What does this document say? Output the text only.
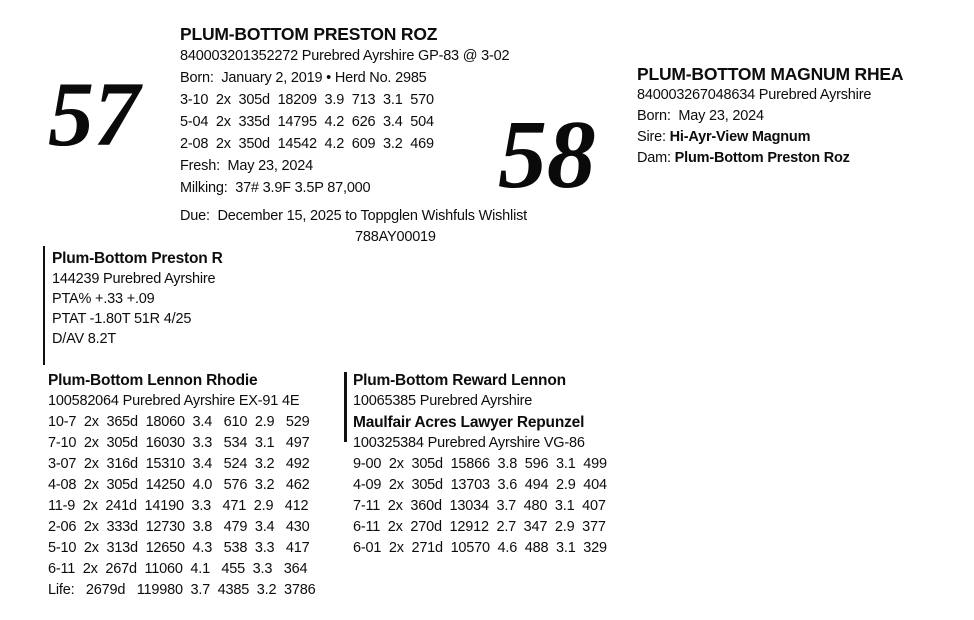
57
PLUM-BOTTOM PRESTON ROZ
840003201352272 Purebred Ayrshire GP-83 @ 3-02
Born:  January 2, 2019 • Herd No. 2985
3-10  2x  305d  18209  3.9  713  3.1  570
5-04  2x  335d  14795  4.2  626  3.4  504
2-08  2x  350d  14542  4.2  609  3.2  469
Fresh:  May 23, 2024
Milking:  37# 3.9F 3.5P 87,000
Due:  December 15, 2025 to Toppglen Wishfuls Wishlist
788AY00019
Plum-Bottom Preston R
144239 Purebred Ayrshire
PTA% +.33 +.09
PTAT -1.80T 51R 4/25
D/AV 8.2T
Plum-Bottom Lennon Rhodie
100582064 Purebred Ayrshire EX-91 4E
10-7  2x  365d  18060  3.4   610  2.9   529
7-10  2x  305d  16030  3.3   534  3.1   497
3-07  2x  316d  15310  3.4   524  3.2   492
4-08  2x  305d  14250  4.0   576  3.2   462
11-9  2x  241d  14190  3.3   471  2.9   412
2-06  2x  333d  12730  3.8   479  3.4   430
5-10  2x  313d  12650  4.3   538  3.3   417
6-11  2x  267d  11060  4.1   455  3.3   364
Life:   2679d   119980  3.7  4385  3.2  3786
58
PLUM-BOTTOM MAGNUM RHEA
840003267048634 Purebred Ayrshire
Born:  May 23, 2024
Sire: Hi-Ayr-View Magnum
Dam: Plum-Bottom Preston Roz
Plum-Bottom Reward Lennon
10065385 Purebred Ayrshire
Maulfair Acres Lawyer Repunzel
100325384 Purebred Ayrshire VG-86
9-00  2x  305d  15866  3.8  596  3.1  499
4-09  2x  305d  13703  3.6  494  2.9  404
7-11  2x  360d  13034  3.7  480  3.1  407
6-11  2x  270d  12912  2.7  347  2.9  377
6-01  2x  271d  10570  4.6  488  3.1  329
